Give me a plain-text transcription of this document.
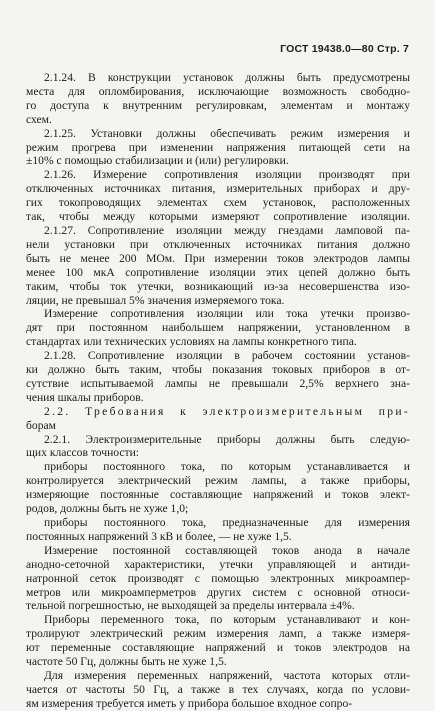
ГОСТ 19438.0—80 Стр. 7
2.1.24. В конструкции установок должны быть предусмотрены
места для опломбирования, исключающие возможность свободно-
го доступа к внутренним регулировкам, элементам и монтажу
схем.
2.1.25. Установки должны обеспечивать режим измерения и
режим прогрева при изменении напряжения питающей сети на
±10% с помощью стабилизации и (или) регулировки.
2.1.26. Измерение сопротивления изоляции производят при
отключенных источниках питания, измерительных приборах и дру-
гих токопроводящих элементах схем установок, расположенных
так, чтобы между которыми измеряют сопротивление изоляции.
2.1.27. Сопротивление изоляции между гнездами ламповой па-
нели установки при отключенных источниках питания должно
быть не менее 200 МОм. При измерении токов электродов лампы
менее 100 мкА сопротивление изоляции этих цепей должно быть
таким, чтобы ток утечки, возникающий из-за несовершенства изо-
ляции, не превышал 5% значения измеряемого тока.
Измерение сопротивления изоляции или тока утечки произво-
дят при постоянном наибольшем напряжении, установленном в
стандартах или технических условиях на лампы конкретного типа.
2.1.28. Сопротивление изоляции в рабочем состоянии установ-
ки должно быть таким, чтобы показания токовых приборов в от-
сутствие испытываемой лампы не превышали 2,5% верхнего зна-
чения шкалы приборов.
2.2. Требования к электроизмерительным при-
борам
2.2.1. Электроизмерительные приборы должны быть следую-
щих классов точности:
приборы постоянного тока, по которым устанавливается и
контролируется электрический режим лампы, а также приборы,
измеряющие постоянные составляющие напряжений и токов элект-
родов, должны быть не хуже 1,0;
приборы постоянного тока, предназначенные для измерения
постоянных напряжений 3 кВ и более, — не хуже 1,5.
Измерение постоянной составляющей токов анода в начале
анодно-сеточной характеристики, утечки управляющей и антиди-
натронной сеток производят с помощью электронных микроампер-
метров или микроамперметров других систем с основной относи-
тельной погрешностью, не выходящей за пределы интервала ±4%.
Приборы переменного тока, по которым устанавливают и кон-
тролируют электрический режим измерения ламп, а также измеря-
ют переменные составляющие напряжений и токов электродов на
частоте 50 Гц, должны быть не хуже 1,5.
Для измерения переменных напряжений, частота которых отли-
чается от частоты 50 Гц, а также в тех случаях, когда по услови-
ям измерения требуется иметь у прибора большое входное сопро-
